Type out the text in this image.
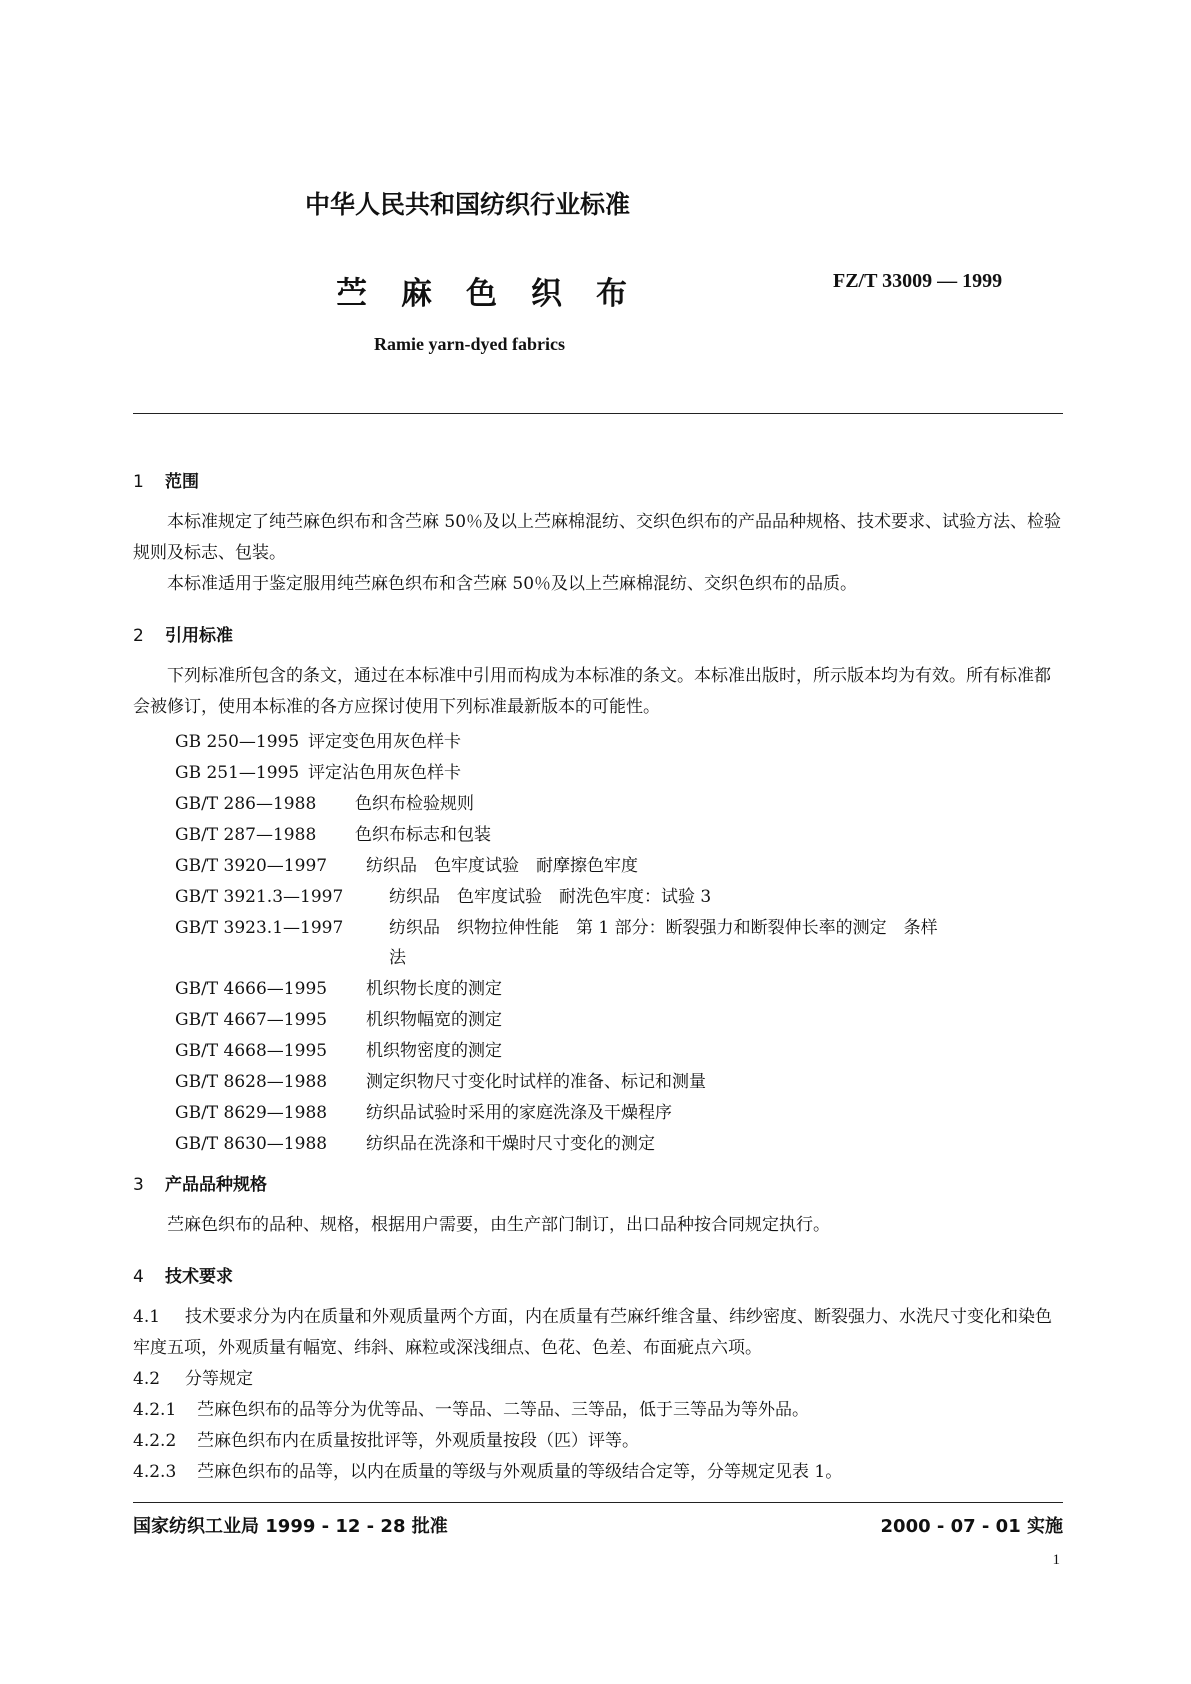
中华人民共和国纺织行业标准
苎麻色织布	FZ/T 33009 — 1999
Ramie yarn-dyed fabrics
1 范围
本标准规定了纯苎麻色织布和含苎麻 50％及以上苎麻棉混纺、交织色织布的产品品种规格、技术要求、试验方法、检验规则及标志、包装。
本标准适用于鉴定服用纯苎麻色织布和含苎麻 50％及以上苎麻棉混纺、交织色织布的品质。
2 引用标准
下列标准所包含的条文，通过在本标准中引用而构成为本标准的条文。本标准出版时，所示版本均为有效。所有标准都会被修订，使用本标准的各方应探讨使用下列标准最新版本的可能性。
GB 250—1995 评定变色用灰色样卡
GB 251—1995 评定沾色用灰色样卡
GB/T 286—1988 色织布检验规则
GB/T 287—1988 色织布标志和包装
GB/T 3920—1997 纺织品　色牢度试验　耐摩擦色牢度
GB/T 3921.3—1997	纺织品　色牢度试验　耐洗色牢度：试验 3
GB/T 3923.1—1997	纺织品　织物拉伸性能　第 1 部分：断裂强力和断裂伸长率的测定　条样
法
GB/T 4666—1995 机织物长度的测定
GB/T 4667—1995 机织物幅宽的测定
GB/T 4668—1995 机织物密度的测定
GB/T 8628—1988 测定织物尺寸变化时试样的准备、标记和测量
GB/T 8629—1988 纺织品试验时采用的家庭洗涤及干燥程序
GB/T 8630—1988 纺织品在洗涤和干燥时尺寸变化的测定
3 产品品种规格
苎麻色织布的品种、规格，根据用户需要，由生产部门制订，出口品种按合同规定执行。
4 技术要求
4.1 技术要求分为内在质量和外观质量两个方面，内在质量有苎麻纤维含量、纬纱密度、断裂强力、水洗尺寸变化和染色牢度五项，外观质量有幅宽、纬斜、麻粒或深浅细点、色花、色差、布面疵点六项。
4.2 分等规定
4.2.1 苎麻色织布的品等分为优等品、一等品、二等品、三等品，低于三等品为等外品。
4.2.2 苎麻色织布内在质量按批评等，外观质量按段（匹）评等。
4.2.3 苎麻色织布的品等，以内在质量的等级与外观质量的等级结合定等，分等规定见表 1。
国家纺织工业局 1999 - 12 - 28 批准	2000 - 07 - 01 实施
1
